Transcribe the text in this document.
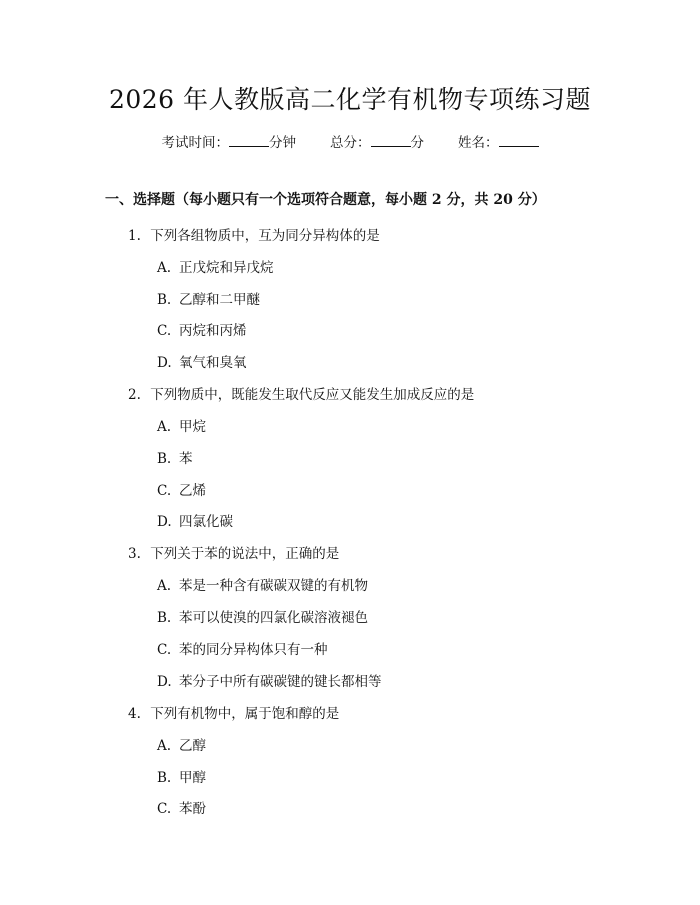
2026 年人教版高二化学有机物专项练习题
考试时间：	分钟	总分：	分	姓名：
一、选择题（每小题只有一个选项符合题意，每小题 2 分，共 20 分）
1. 下列各组物质中，互为同分异构体的是
A. 正戊烷和异戊烷
B. 乙醇和二甲醚
C. 丙烷和丙烯
D. 氧气和臭氧
2. 下列物质中，既能发生取代反应又能发生加成反应的是
A. 甲烷
B. 苯
C. 乙烯
D. 四氯化碳
3. 下列关于苯的说法中，正确的是
A. 苯是一种含有碳碳双键的有机物
B. 苯可以使溴的四氯化碳溶液褪色
C. 苯的同分异构体只有一种
D. 苯分子中所有碳碳键的键长都相等
4. 下列有机物中，属于饱和醇的是
A. 乙醇
B. 甲醇
C. 苯酚
